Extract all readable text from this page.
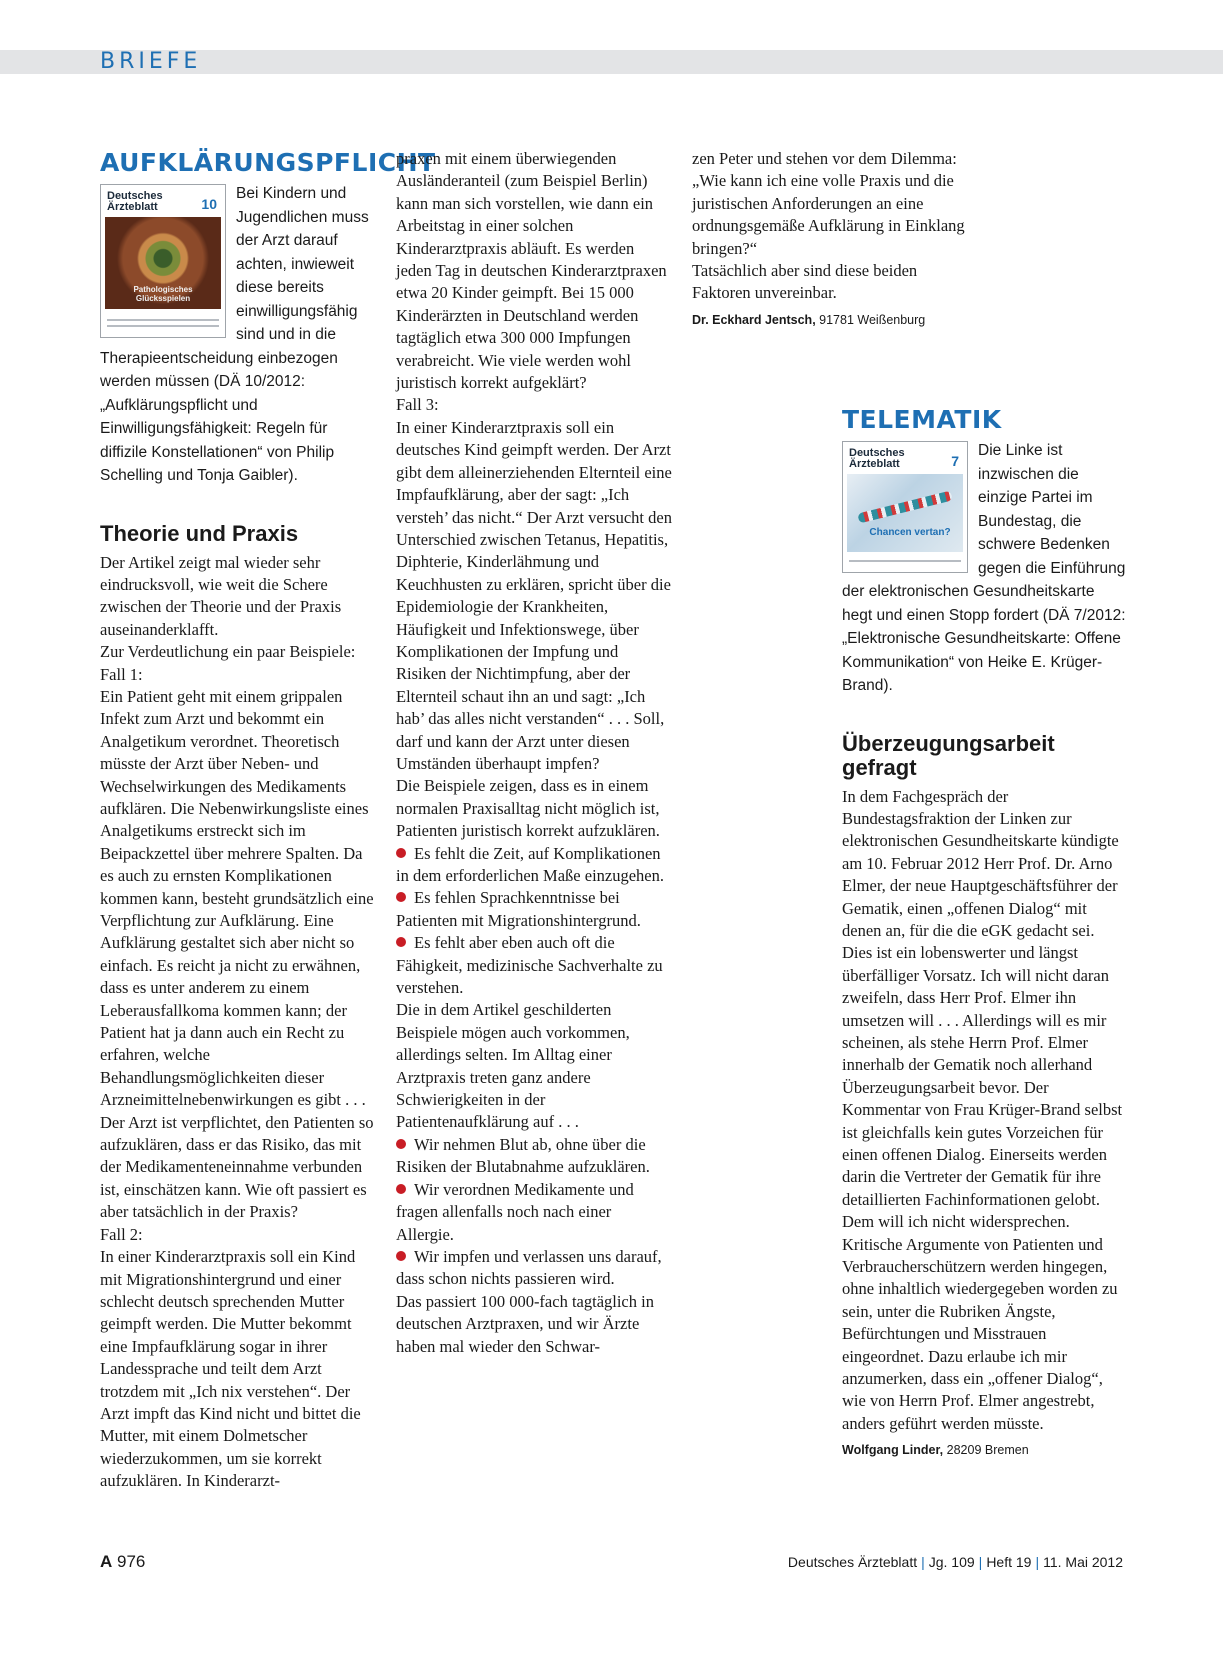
BRIEFE
AUFKLÄRUNGSPFLICHT
Deutsches
Ärzteblatt	10
Pathologisches Glücksspielen
Bei Kindern und Jugendlichen muss der Arzt darauf achten, inwieweit diese bereits einwilligungsfähig sind und in die Therapieentscheidung einbezogen werden müssen (DÄ 10/2012: „Aufklärungspflicht und Einwilligungsfähigkeit: Regeln für diffizile Konstellationen“ von Philip Schelling und Tonja Gaibler).
Theorie und Praxis

Der Artikel zeigt mal wieder sehr eindrucksvoll, wie weit die Schere zwischen der Theorie und der Praxis auseinanderklafft.

Zur Verdeutlichung ein paar Beispiele:

Fall 1:

Ein Patient geht mit einem grippalen Infekt zum Arzt und bekommt ein Analgetikum verordnet. Theoretisch müsste der Arzt über Neben- und Wechselwirkungen des Medikaments aufklären. Die Nebenwirkungsliste eines Analgetikums erstreckt sich im Beipackzettel über mehrere Spalten. Da es auch zu ernsten Komplikationen kommen kann, besteht grundsätzlich eine Verpflichtung zur Aufklärung. Eine Aufklärung gestaltet sich aber nicht so einfach. Es reicht ja nicht zu erwähnen, dass es unter anderem zu einem Leberausfallkoma kommen kann; der Patient hat ja dann auch ein Recht zu erfahren, welche Behandlungsmöglichkeiten dieser Arzneimittelnebenwirkungen es gibt . . . Der Arzt ist verpflichtet, den Patienten so aufzuklären, dass er das Risiko, das mit der Medikamenteneinnahme verbunden ist, einschätzen kann. Wie oft passiert es aber tatsächlich in der Praxis?

Fall 2:

In einer Kinderarztpraxis soll ein Kind mit Migrationshintergrund und einer schlecht deutsch sprechenden Mutter geimpft werden. Die Mutter bekommt eine Impfaufklärung sogar in ihrer Landessprache und teilt dem Arzt trotzdem mit „Ich nix verstehen“. Der Arzt impft das Kind nicht und bittet die Mutter, mit einem Dolmetscher wiederzukommen, um sie korrekt aufzuklären. In Kinderarzt-

praxen mit einem überwiegenden Ausländeranteil (zum Beispiel Berlin) kann man sich vorstellen, wie dann ein Arbeitstag in einer solchen Kinderarztpraxis abläuft. Es werden jeden Tag in deutschen Kinderarztpraxen etwa 20 Kinder geimpft. Bei 15 000 Kinderärzten in Deutschland werden tagtäglich etwa 300 000 Impfungen verabreicht. Wie viele werden wohl juristisch korrekt aufgeklärt?

Fall 3:

In einer Kinderarztpraxis soll ein deutsches Kind geimpft werden. Der Arzt gibt dem alleinerziehenden Elternteil eine Impfaufklärung, aber der sagt: „Ich versteh’ das nicht.“ Der Arzt versucht den Unterschied zwischen Tetanus, Hepatitis, Diphterie, Kinderlähmung und Keuchhusten zu erklären, spricht über die Epidemiologie der Krankheiten, Häufigkeit und Infektionswege, über Komplikationen der Impfung und Risiken der Nichtimpfung, aber der Elternteil schaut ihn an und sagt: „Ich hab’ das alles nicht verstanden“ . . . Soll, darf und kann der Arzt unter diesen Umständen überhaupt impfen?

Die Beispiele zeigen, dass es in einem normalen Praxisalltag nicht möglich ist, Patienten juristisch korrekt aufzuklären.

Es fehlt die Zeit, auf Komplikationen in dem erforderlichen Maße einzugehen.

Es fehlen Sprachkenntnisse bei Patienten mit Migrationshintergrund.

Es fehlt aber eben auch oft die Fähigkeit, medizinische Sachverhalte zu verstehen.

Die in dem Artikel geschilderten Beispiele mögen auch vorkommen, allerdings selten. Im Alltag einer Arztpraxis treten ganz andere Schwierigkeiten in der Patientenaufklärung auf . . .

Wir nehmen Blut ab, ohne über die Risiken der Blutabnahme aufzuklären.

Wir verordnen Medikamente und fragen allenfalls noch nach einer Allergie.

Wir impfen und verlassen uns darauf, dass schon nichts passieren wird.

Das passiert 100 000-fach tagtäglich in deutschen Arztpraxen, und wir Ärzte haben mal wieder den Schwar-

zen Peter und stehen vor dem Dilemma: „Wie kann ich eine volle Praxis und die juristischen Anforderungen an eine ordnungsgemäße Aufklärung in Einklang bringen?“

Tatsächlich aber sind diese beiden Faktoren unvereinbar.

Dr. Eckhard Jentsch, 91781 Weißenburg
TELEMATIK
Deutsches
Ärzteblatt	7
Chancen vertan?
Die Linke ist inzwischen die einzige Partei im Bundestag, die schwere Bedenken gegen die Einführung der elektronischen Gesundheitskarte hegt und einen Stopp fordert (DÄ 7/2012: „Elektronische Gesundheitskarte: Offene Kommunikation“ von Heike E. Krüger-Brand).
Überzeugungsarbeit gefragt

In dem Fachgespräch der Bundestagsfraktion der Linken zur elektronischen Gesundheitskarte kündigte am 10. Februar 2012 Herr Prof. Dr. Arno Elmer, der neue Hauptgeschäftsführer der Gematik, einen „offenen Dialog“ mit denen an, für die die eGK gedacht sei. Dies ist ein lobenswerter und längst überfälliger Vorsatz. Ich will nicht daran zweifeln, dass Herr Prof. Elmer ihn umsetzen will . . . Allerdings will es mir scheinen, als stehe Herrn Prof. Elmer innerhalb der Gematik noch allerhand Überzeugungsarbeit bevor. Der Kommentar von Frau Krüger-Brand selbst ist gleichfalls kein gutes Vorzeichen für einen offenen Dialog. Einerseits werden darin die Vertreter der Gematik für ihre detaillierten Fachinformationen gelobt. Dem will ich nicht widersprechen. Kritische Argumente von Patienten und Verbraucherschützern werden hingegen, ohne inhaltlich wiedergegeben worden zu sein, unter die Rubriken Ängste, Befürchtungen und Misstrauen eingeordnet. Dazu erlaube ich mir anzumerken, dass ein „offener Dialog“, wie von Herrn Prof. Elmer angestrebt, anders geführt werden müsste.

Wolfgang Linder, 28209 Bremen
A 976	Deutsches Ärzteblatt | Jg. 109 | Heft 19 | 11. Mai 2012
